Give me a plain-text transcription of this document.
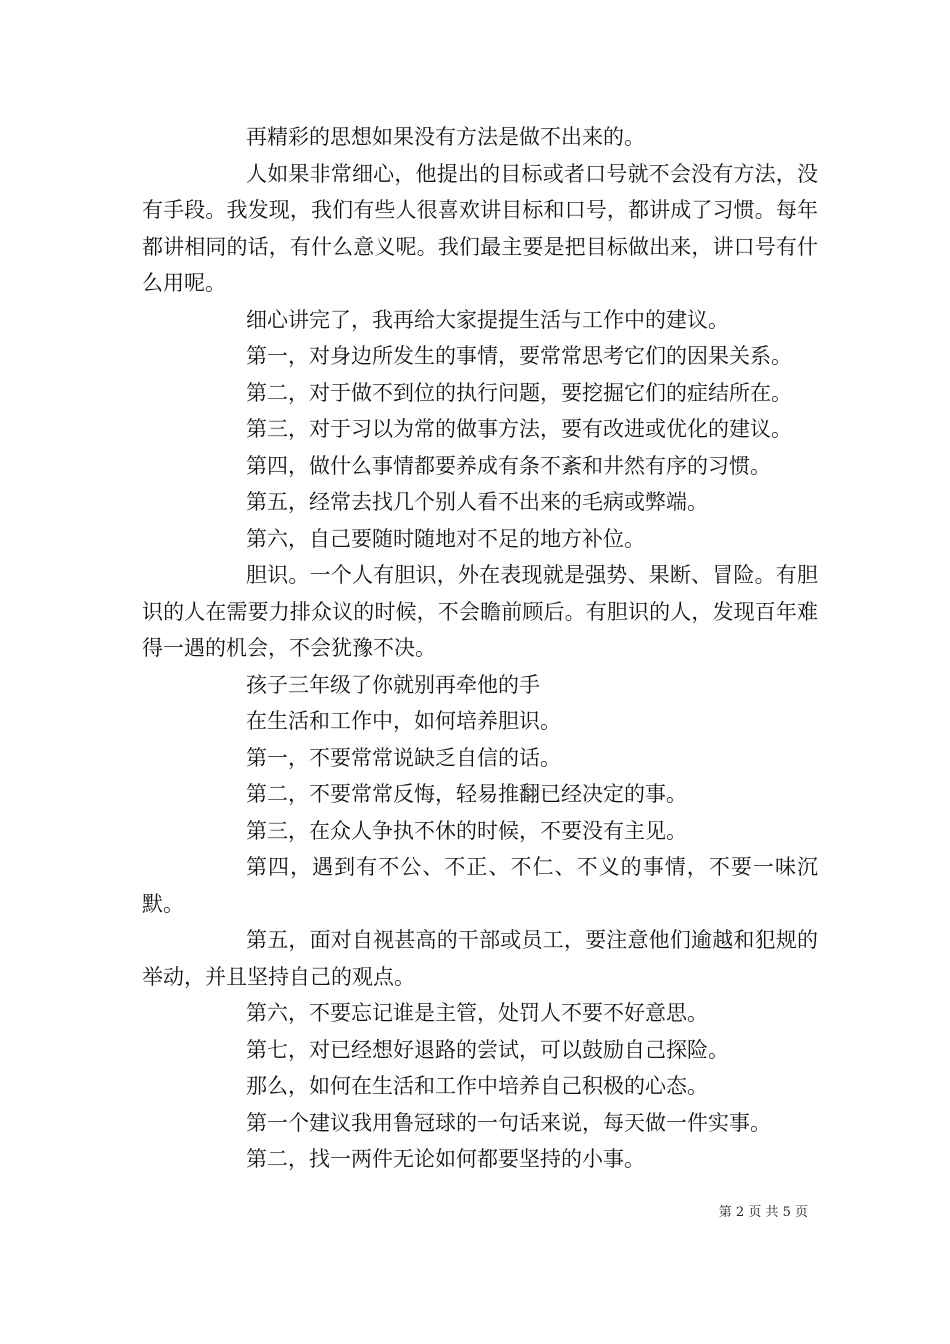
再精彩的思想如果没有方法是做不出来的。

人如果非常细心，他提出的目标或者口号就不会没有方法，没有手段。我发现，我们有些人很喜欢讲目标和口号，都讲成了习惯。每年都讲相同的话，有什么意义呢。我们最主要是把目标做出来，讲口号有什么用呢。

细心讲完了，我再给大家提提生活与工作中的建议。

第一，对身边所发生的事情，要常常思考它们的因果关系。

第二，对于做不到位的执行问题，要挖掘它们的症结所在。

第三，对于习以为常的做事方法，要有改进或优化的建议。

第四，做什么事情都要养成有条不紊和井然有序的习惯。

第五，经常去找几个别人看不出来的毛病或弊端。

第六，自己要随时随地对不足的地方补位。

胆识。一个人有胆识，外在表现就是强势、果断、冒险。有胆识的人在需要力排众议的时候，不会瞻前顾后。有胆识的人，发现百年难得一遇的机会，不会犹豫不决。

孩子三年级了你就别再牵他的手

在生活和工作中，如何培养胆识。

第一，不要常常说缺乏自信的话。

第二，不要常常反悔，轻易推翻已经决定的事。

第三，在众人争执不休的时候，不要没有主见。

第四，遇到有不公、不正、不仁、不义的事情，不要一味沉默。

第五，面对自视甚高的干部或员工，要注意他们逾越和犯规的举动，并且坚持自己的观点。

第六，不要忘记谁是主管，处罚人不要不好意思。

第七，对已经想好退路的尝试，可以鼓励自己探险。

那么，如何在生活和工作中培养自己积极的心态。

第一个建议我用鲁冠球的一句话来说，每天做一件实事。

第二，找一两件无论如何都要坚持的小事。

第 2 页 共 5 页
